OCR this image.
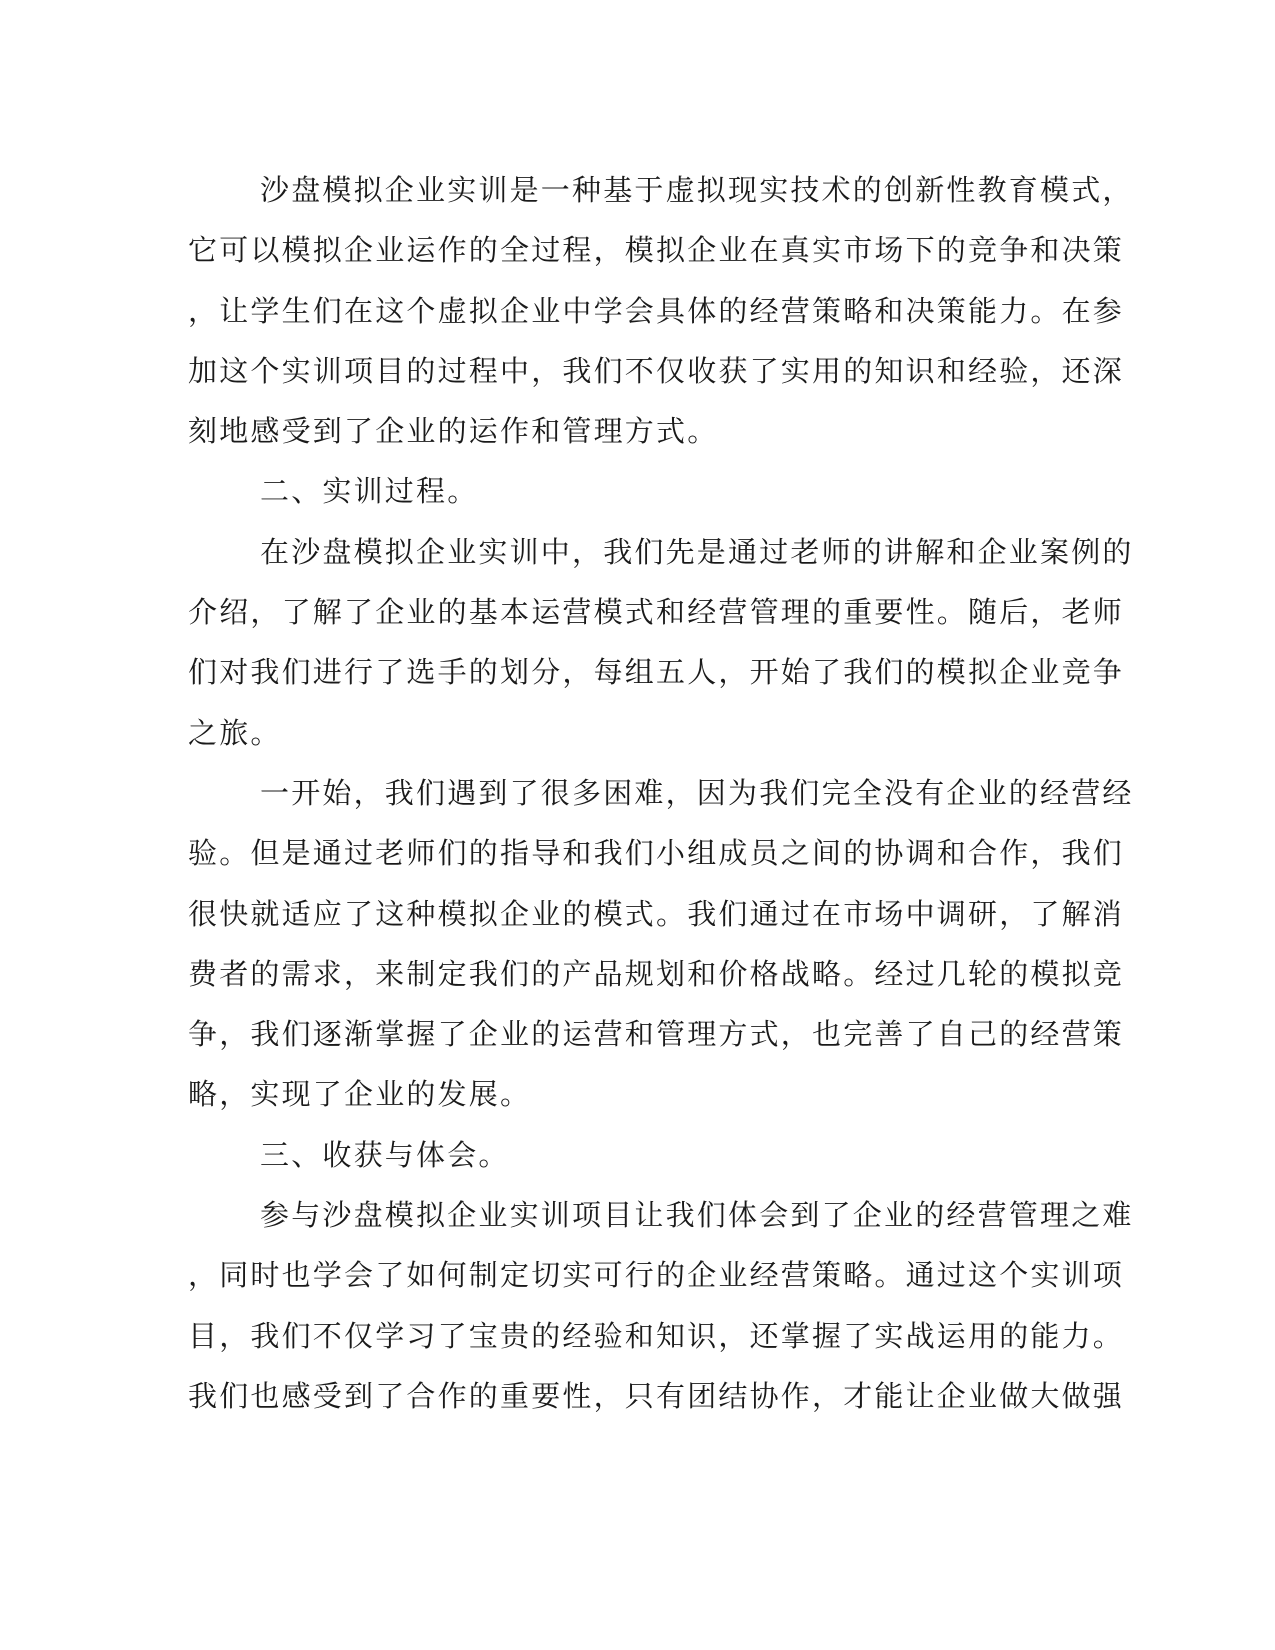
沙盘模拟企业实训是一种基于虚拟现实技术的创新性教育模式，
它可以模拟企业运作的全过程，模拟企业在真实市场下的竞争和决策
，让学生们在这个虚拟企业中学会具体的经营策略和决策能力。在参
加这个实训项目的过程中，我们不仅收获了实用的知识和经验，还深
刻地感受到了企业的运作和管理方式。
二、实训过程。
在沙盘模拟企业实训中，我们先是通过老师的讲解和企业案例的
介绍，了解了企业的基本运营模式和经营管理的重要性。随后，老师
们对我们进行了选手的划分，每组五人，开始了我们的模拟企业竞争
之旅。
一开始，我们遇到了很多困难，因为我们完全没有企业的经营经
验。但是通过老师们的指导和我们小组成员之间的协调和合作，我们
很快就适应了这种模拟企业的模式。我们通过在市场中调研，了解消
费者的需求，来制定我们的产品规划和价格战略。经过几轮的模拟竞
争，我们逐渐掌握了企业的运营和管理方式，也完善了自己的经营策
略，实现了企业的发展。
三、收获与体会。
参与沙盘模拟企业实训项目让我们体会到了企业的经营管理之难
，同时也学会了如何制定切实可行的企业经营策略。通过这个实训项
目，我们不仅学习了宝贵的经验和知识，还掌握了实战运用的能力。
我们也感受到了合作的重要性，只有团结协作，才能让企业做大做强
